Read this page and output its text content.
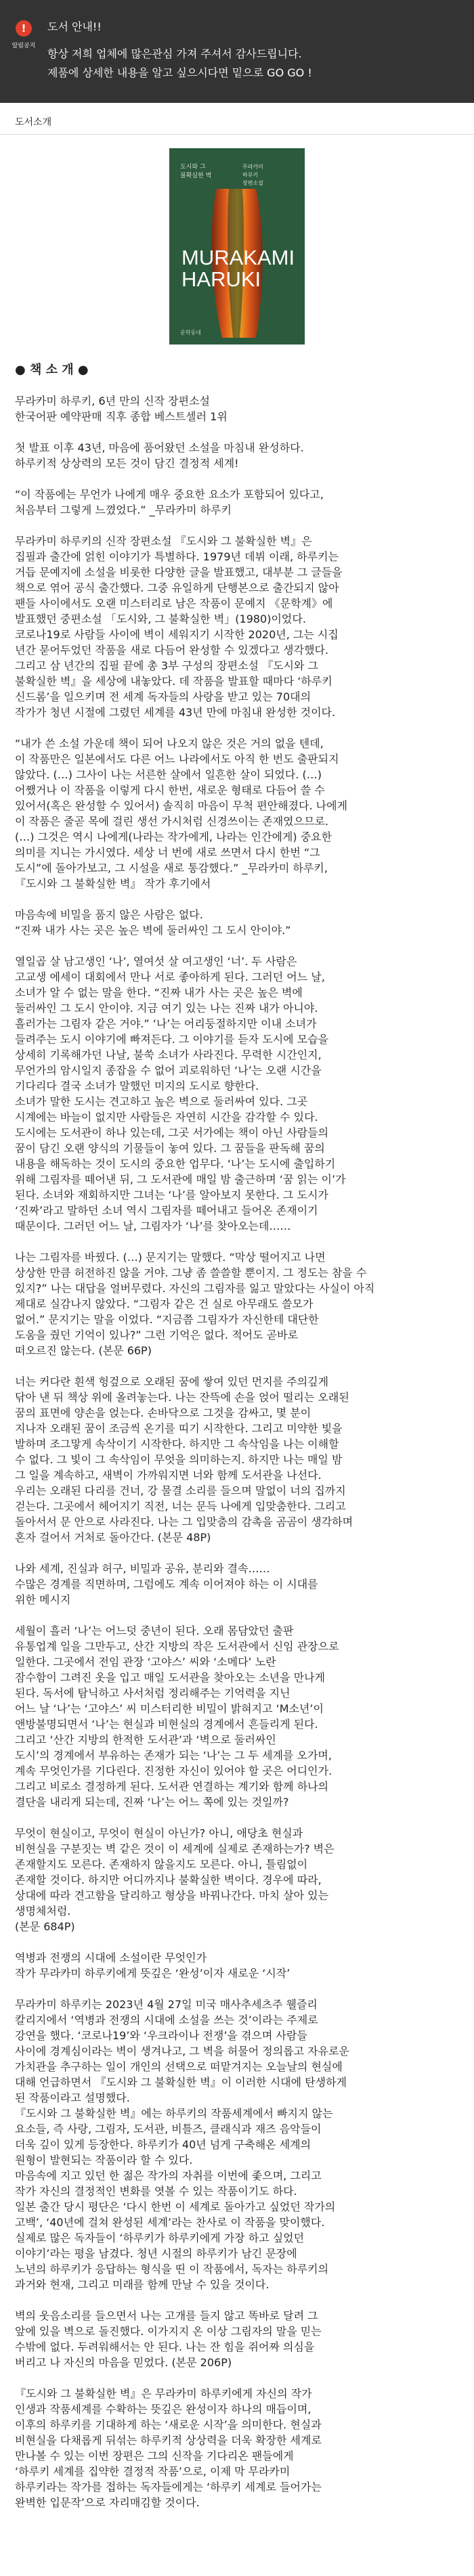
!
알림공지
도서 안내!!
항상 저희 업체에 많은관심 가져 주셔서 감사드립니다.
제품에 상세한 내용을 알고 싶으시다면 밑으로 GO GO !
도서소개
도시와 그
불확실한 벽
무라카미
하루키
장편소설
MURAKAMI
HARUKI
문학동네
● 책 소 개 ●
무라카미 하루키, 6년 만의 신작 장편소설
한국어판 예약판매 직후 종합 베스트셀러 1위
첫 발표 이후 43년, 마음에 품어왔던 소설을 마침내 완성하다.
하루키적 상상력의 모든 것이 담긴 결정적 세계!
“이 작품에는 무언가 나에게 매우 중요한 요소가 포함되어 있다고,
처음부터 그렇게 느꼈었다.” _무라카미 하루키
무라카미 하루키의 신작 장편소설 『도시와 그 불확실한 벽』은
집필과 출간에 얽힌 이야기가 특별하다. 1979년 데뷔 이래, 하루키는
거듭 문예지에 소설을 비롯한 다양한 글을 발표했고, 대부분 그 글들을
책으로 엮어 공식 출간했다. 그중 유일하게 단행본으로 출간되지 않아
팬들 사이에서도 오랜 미스터리로 남은 작품이 문예지 《문학계》에
발표했던 중편소설 「도시와, 그 불확실한 벽」(1980)이었다.
코로나19로 사람들 사이에 벽이 세워지기 시작한 2020년, 그는 시집
년간 묻어두었던 작품을 새로 다듬어 완성할 수 있겠다고 생각했다.
그리고 삼 년간의 집필 끝에 총 3부 구성의 장편소설 『도시와 그
불확실한 벽』을 세상에 내놓았다. 데 작품을 발표할 때마다 ‘하루키
신드롬’을 일으키며 전 세계 독자들의 사랑을 받고 있는 70대의
작가가 청년 시절에 그렸던 세계를 43년 만에 마침내 완성한 것이다.
“내가 쓴 소설 가운데 책이 되어 나오지 않은 것은 거의 없을 텐데,
이 작품만은 일본에서도 다른 어느 나라에서도 아직 한 번도 출판되지
않았다. (…) 그사이 나는 서른한 살에서 일흔한 살이 되었다. (…)
어쨌거나 이 작품을 이렇게 다시 한번, 새로운 형태로 다듬어 쓸 수
있어서(혹은 완성할 수 있어서) 솔직히 마음이 무척 편안해졌다. 나에게
이 작품은 줄곧 목에 걸린 생선 가시처럼 신경쓰이는 존재였으므로.
(…) 그것은 역시 나에게(나라는 작가에게, 나라는 인간에게) 중요한
의미를 지니는 가시였다. 세상 너 번에 새로 쓰면서 다시 한번 “그
도시”에 돌아가보고, 그 시설을 새로 통감했다.” _무라카미 하루키,
『도시와 그 불확실한 벽』 작가 후기에서
마음속에 비밀을 품지 않은 사람은 없다.
“진짜 내가 사는 곳은 높은 벽에 둘러싸인 그 도시 안이야.”
열일곱 살 남고생인 ‘나’, 열여섯 살 여고생인 ‘너’. 두 사람은
고교생 에세이 대회에서 만나 서로 좋아하게 된다. 그러던 어느 날,
소녀가 알 수 없는 말을 한다. “진짜 내가 사는 곳은 높은 벽에
둘러싸인 그 도시 안이야. 지금 여기 있는 나는 진짜 내가 아니야.
흘러가는 그림자 같은 거야.” ‘나’는 어리둥절하지만 이내 소녀가
들려주는 도시 이야기에 빠져든다. 그 이야기를 듣자 도시에 모습을
상세히 기록해가던 나날, 불쑥 소녀가 사라진다. 무력한 시간인지,
무언가의 암시일지 종잡을 수 없어 괴로워하던 ‘나’는 오랜 시간을
기다리다 결국 소녀가 말했던 미지의 도시로 향한다.
소녀가 말한 도시는 견고하고 높은 벽으로 둘러싸여 있다. 그곳
시계에는 바늘이 없지만 사람들은 자연히 시간을 감각할 수 있다.
도시에는 도서관이 하나 있는데, 그곳 서가에는 책이 아닌 사람들의
꿈이 담긴 오랜 양식의 기물들이 놓여 있다. 그 꿈들을 판독해 꿈의
내용을 해독하는 것이 도시의 중요한 업무다. ‘나’는 도시에 출입하기
위해 그림자를 떼어낸 뒤, 그 도서관에 매일 밤 출근하며 ‘꿈 읽는 이’가
된다. 소녀와 재회하지만 그녀는 ‘나’를 알아보지 못한다. 그 도시가
‘진짜’라고 말하던 소녀 역시 그림자를 떼어내고 들어온 존재이기
때문이다. 그러던 어느 날, 그림자가 ‘나’를 찾아오는데……
나는 그림자를 바꿨다. (…) 문지기는 말했다. “막상 떨어지고 나면
상상한 만큼 허전하진 않을 거야. 그냥 좀 쓸쓸할 뿐이지. 그 정도는 참을 수
있지?” 나는 대답을 얼버무렸다. 자신의 그림자를 잃고 말았다는 사실이 아직
제대로 실감나지 않았다. “그림자 같은 건 실로 아무래도 쓸모가
없어.” 문지기는 말을 이었다. “지금쯤 그림자가 자신한테 대단한
도움을 줬던 기억이 있나?” 그런 기억은 없다. 적어도 곧바로
떠오르진 않는다. (본문 66P)
너는 커다란 흰색 헝겊으로 오래된 꿈에 쌓여 있던 먼지를 주의깊게
닦아 낸 뒤 책상 위에 올려놓는다. 나는 잔뜩에 손을 얹어 떨리는 오래된
꿈의 표면에 양손을 얹는다. 손바닥으로 그것을 감싸고, 몇 분이
지나자 오래된 꿈이 조금씩 온기를 띠기 시작한다. 그리고 미약한 빛을
발하며 조그맣게 속삭이기 시작한다. 하지만 그 속삭임을 나는 이해할
수 없다. 그 빛이 그 속삭임이 무엇을 의미하는지. 하지만 나는 매일 밤
그 일을 계속하고, 새벽이 가까워지면 너와 함께 도서관을 나선다.
우리는 오래된 다리를 건너, 강 물결 소리를 들으며 말없이 너의 집까지
걷는다. 그곳에서 헤어지기 직전, 너는 문득 나에게 입맞춤한다. 그리고
돌아서서 문 안으로 사라진다. 나는 그 입맞춤의 감촉을 곰곰이 생각하며
혼자 걸어서 거처로 돌아간다. (본문 48P)
나와 세계, 진실과 허구, 비밀과 공유, 분리와 결속……
수많은 경계를 직면하며, 그럼에도 계속 이어져야 하는 이 시대를
위한 메시지
세월이 흘러 ‘나’는 어느덧 중년이 된다. 오래 몸담았던 출판
유통업계 일을 그만두고, 산간 지방의 작은 도서관에서 신임 관장으로
일한다. 그곳에서 전임 관장 ‘고야스’ 씨와 ‘소메다’ 노란
잠수함이 그려진 옷을 입고 매일 도서관을 찾아오는 소년을 만나게
된다. 독서에 탐닉하고 사서처럼 정리해주는 기억력을 지닌
어느 날 ‘나’는 ‘고야스’ 씨 미스터리한 비밀이 밝혀지고 ‘M소년’이
앤방불명되면서 ‘나’는 현실과 비현실의 경계에서 흔들리게 된다.
그리고 ‘산간 지방의 한적한 도서관’과 ‘벽으로 둘러싸인
도시’의 경계에서 부유하는 존재가 되는 ‘나’는 그 두 세계를 오가며,
계속 무엇인가를 기다린다. 진정한 자신이 있어야 할 곳은 어디인가.
그리고 비로소 결정하게 된다. 도서관 연결하는 계기와 함께 하나의
결단을 내리게 되는데, 진짜 ‘나’는 어느 쪽에 있는 것일까?
무엇이 현실이고, 무엇이 현실이 아닌가? 아니, 애당초 현실과
비현실을 구분짓는 벽 같은 것이 이 세계에 실제로 존재하는가? 벽은
존재할지도 모른다. 존재하지 않을지도 모른다. 아니, 틀림없이
존재할 것이다. 하지만 어디까지나 불확실한 벽이다. 경우에 따라,
상대에 따라 견고함을 달리하고 형상을 바꿔나간다. 마치 살아 있는
생명체처럼.
(본문 684P)
역병과 전쟁의 시대에 소설이란 무엇인가
작가 무라카미 하루키에게 뜻깊은 ‘완성’이자 새로운 ‘시작’
무라카미 하루키는 2023년 4월 27일 미국 매사추세츠주 웰즐리
칼리지에서 ‘역병과 전쟁의 시대에 소설을 쓰는 것’이라는 주제로
강연을 했다. ‘코로나19’와 ‘우크라이나 전쟁’을 겪으며 사람들
사이에 경계심이라는 벽이 생겨나고, 그 벽을 허물어 정의롭고 자유로운
가치관을 추구하는 일이 개인의 선택으로 떠맡겨지는 오늘날의 현실에
대해 언급하면서 『도시와 그 불확실한 벽』이 이러한 시대에 탄생하게
된 작품이라고 설명했다.
『도시와 그 불확실한 벽』에는 하루키의 작품세계에서 빠지지 않는
요소들, 즉 사랑, 그림자, 도서관, 비틀즈, 클래식과 재즈 음악들이
더욱 깊이 있게 등장한다. 하루키가 40년 넘게 구축해온 세계의
원형이 발현되는 작품이라 할 수 있다.
마음속에 지고 있던 한 젊은 작가의 자취를 이번에 좇으며, 그리고
작가 자신의 결정적인 변화를 엿볼 수 있는 작품이기도 하다.
일본 출간 당시 평단은 ‘다시 한번 이 세계로 돌아가고 싶었던 작가의
고백’, ‘40년에 걸쳐 완성된 세계’라는 찬사로 이 작품을 맞이했다.
실제로 많은 독자들이 ‘하루키가 하루키에게 가장 하고 싶었던
이야기’라는 평을 남겼다. 청년 시절의 하루키가 남긴 문장에
노년의 하루키가 응답하는 형식을 띤 이 작품에서, 독자는 하루키의
과거와 현재, 그리고 미래를 함께 만날 수 있을 것이다.
벽의 웃음소리를 들으면서 나는 고개를 들지 않고 똑바로 달려 그
앞에 있을 벽으로 돌진했다. 이가지지 온 이상 그림자의 말을 믿는
수밖에 없다. 두려워해서는 안 된다. 나는 잔 힘을 쥐어짜 의심을
버리고 나 자신의 마음을 믿었다. (본문 206P)
『도시와 그 불확실한 벽』은 무라카미 하루키에게 자신의 작가
인생과 작품세계를 수확하는 뜻깊은 완성이자 하나의 매듭이며,
이후의 하루키를 기대하게 하는 ‘새로운 시작’을 의미한다. 현실과
비현실을 다채롭게 뒤섞는 하루키적 상상력을 더욱 확장한 세계로
만나볼 수 있는 이번 장편은 그의 신작을 기다리온 팬들에게
‘하루키 세계를 집약한 결정적 작품’으로, 이제 막 무라카미
하루키라는 작가를 접하는 독자들에게는 ‘하루키 세계로 들어가는
완벽한 입문작’으로 자리매김할 것이다.
